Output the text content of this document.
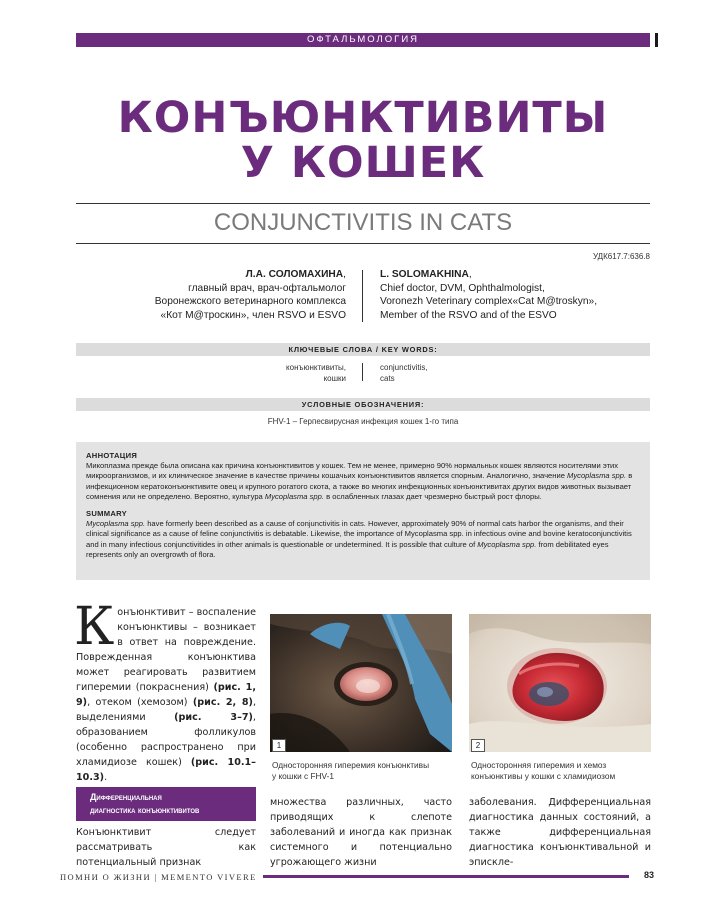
ОФТАЛЬМОЛОГИЯ
КОНЪЮНКТИВИТЫ
У КОШЕК
CONJUNCTIVITIS IN CATS
УДК617.7:636.8
Л.А. СОЛОМАХИНА,
главный врач, врач-офтальмолог
Воронежского ветеринарного комплекса
«Кот М@троскин», член RSVO и ESVO
L. SOLOMAKHINA,
Chief doctor, DVM, Ophthalmologist,
Voronezh Veterinary complex«Cat M@troskyn»,
Member of the RSVO and of the ESVO
КЛЮЧЕВЫЕ СЛОВА / KEY WORDS:
конъюнктивиты,
кошки
conjunctivitis,
cats
УСЛОВНЫЕ ОБОЗНАЧЕНИЯ:
FHV-1 – Герпесвирусная инфекция кошек 1-го типа
АННОТАЦИЯ
Микоплазма прежде была описана как причина конъюнктивитов у кошек. Тем не менее, примерно 90% нормальных кошек являются носителями этих микроорганизмов, и их клиническое значение в качестве причины кошачьих конъюнктивитов является спорным. Аналогично, значение Mycoplasma spp. в инфекционном кератоконъюнктивите овец и крупного рогатого скота, а также во многих инфекционных конъюнктивитах других видов животных вызывает сомнения или не определено. Вероятно, культура Mycoplasma spp. в ослабленных глазах дает чрезмерно быстрый рост флоры.
SUMMARY
Mycoplasma spp. have formerly been described as a cause of conjunctivitis in cats. However, approximately 90% of normal cats harbor the organisms, and their clinical significance as a cause of feline conjunctivitis is debatable. Likewise, the importance of Mycoplasma spp. in infectious ovine and bovine keratoconjunctivitis and in many infectious conjunctivitides in other animals is questionable or undetermined. It is possible that culture of Mycoplasma spp. from debilitated eyes represents only an overgrowth of flora.
Конъюнктивит – воспаление конъюнктивы – возникает в ответ на повреждение. Поврежденная конъюнктива может реагировать развитием гиперемии (покраснения) (рис. 1, 9), отеком (хемозом) (рис. 2, 8), выделениями (рис. 3–7), образованием фолликулов (особенно распространено при хламидиозе кошек) (рис. 10.1–10.3).
Дифференциальная
диагностика конъюнктивитов
Конъюнктивит следует рассматривать как потенциальный признак
1
Односторонняя гиперемия конъюнктивы
у кошки с FHV-1
2
Односторонняя гиперемия и хемоз
конъюнктивы у кошки с хламидиозом
множества различных, часто приводящих к слепоте заболеваний и иногда как признак системного и потенциально угрожающего жизни
заболевания. Дифференциальная диагностика данных состояний, а также дифференциальная диагностика конъюнктивальной и эпискле-
ПОМНИ О ЖИЗНИ | MEMENTO VIVERE	83
